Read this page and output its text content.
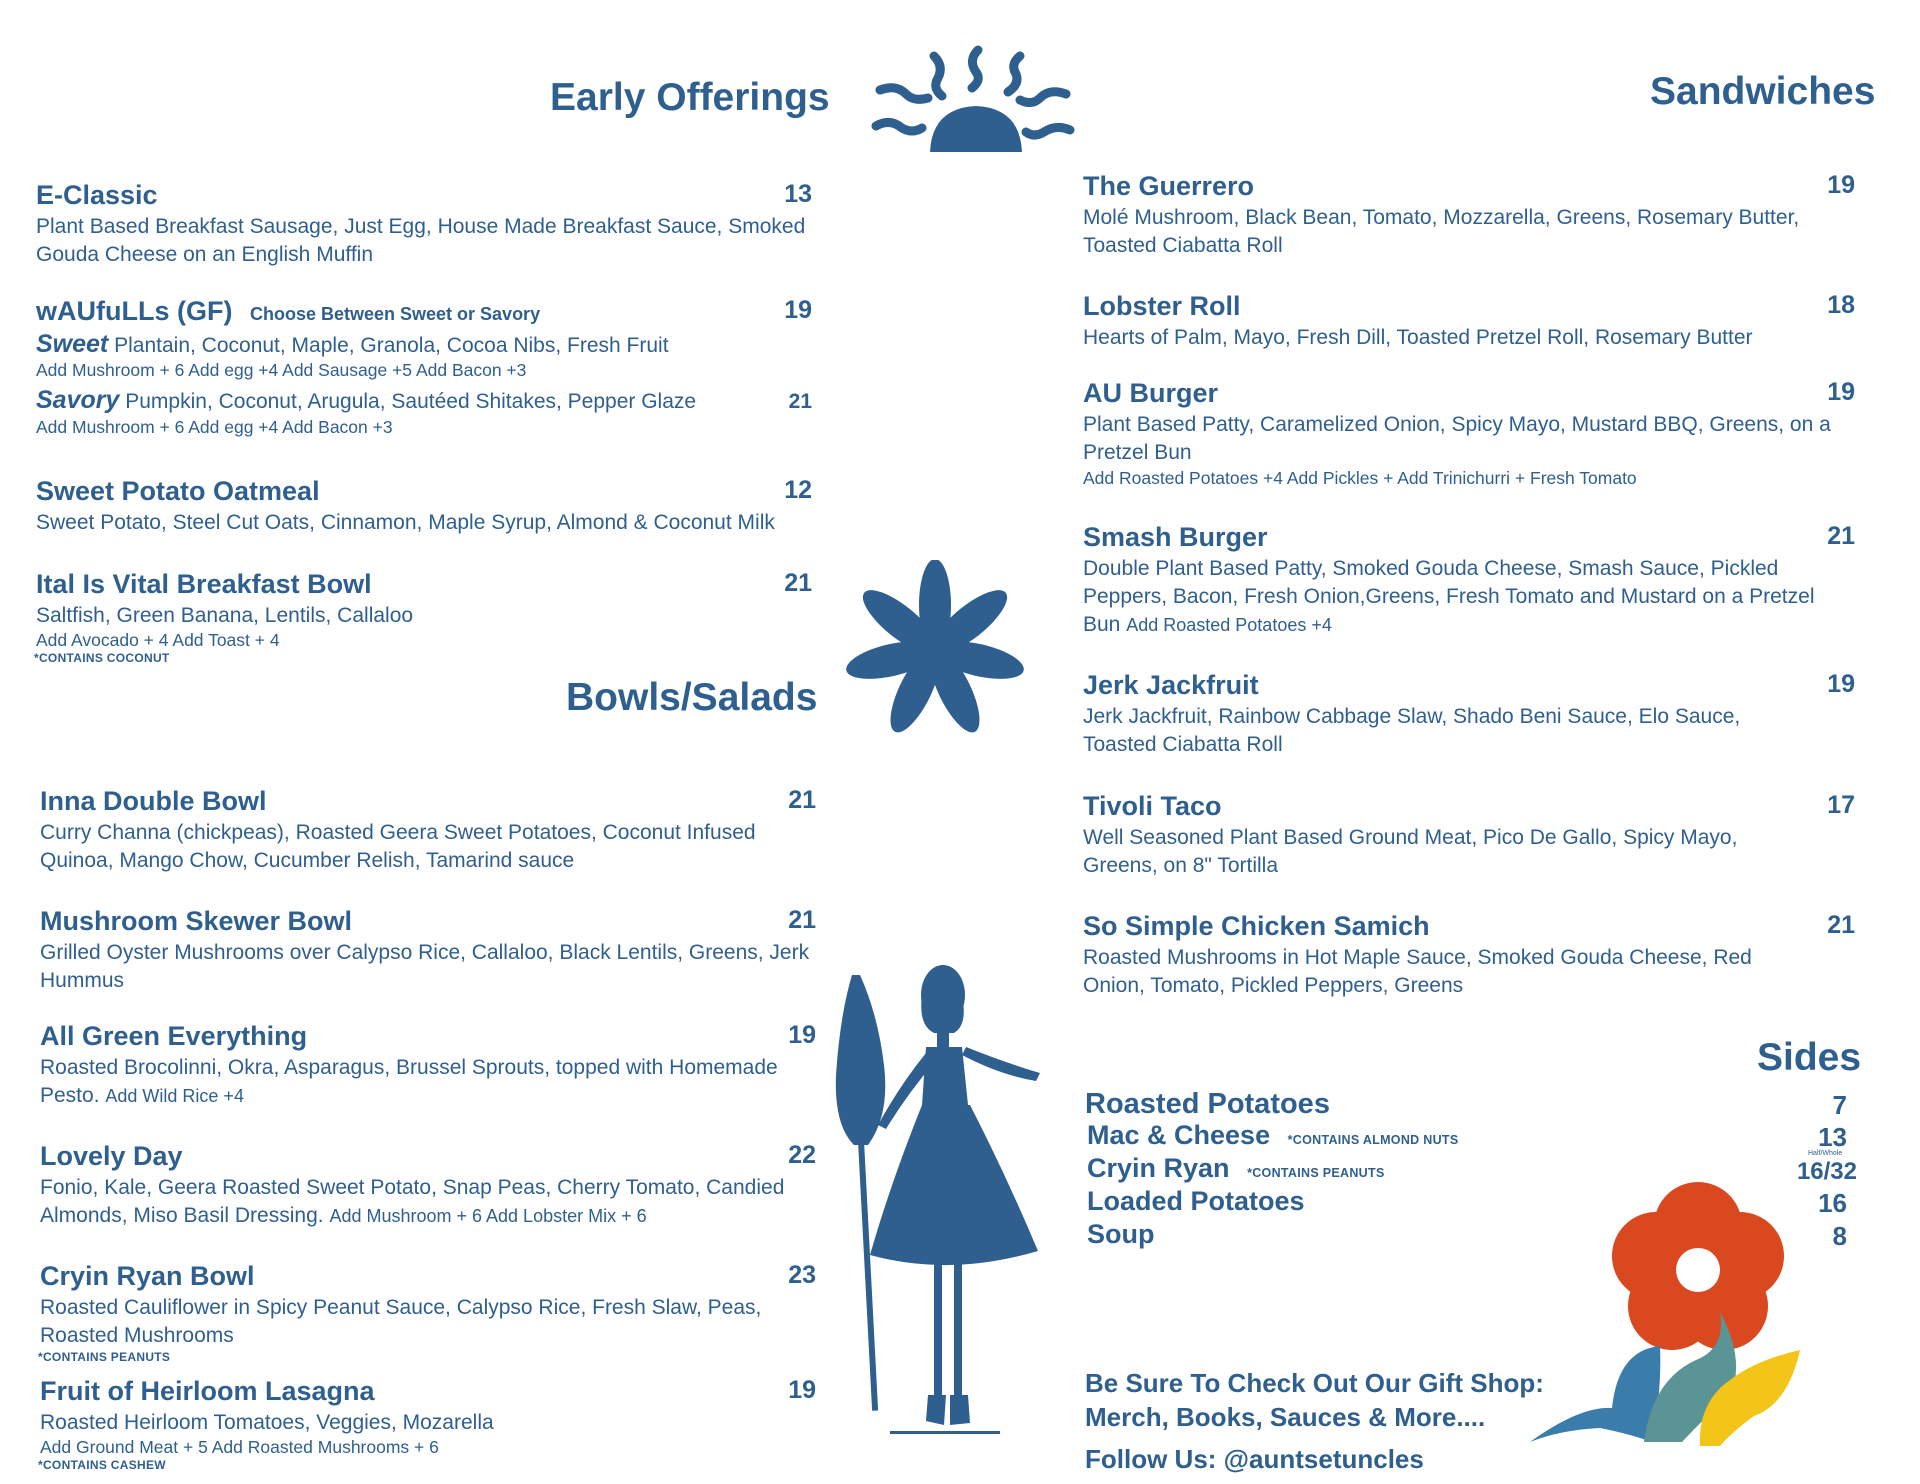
Early Offerings
E-Classic	13
Plant Based Breakfast Sausage, Just Egg, House Made Breakfast Sauce, Smoked Gouda Cheese on an English Muffin
wAUfuLLs (GF) Choose Between Sweet or Savory	19
Sweet Plantain, Coconut, Maple, Granola, Cocoa Nibs, Fresh Fruit
Add Mushroom + 6 Add egg +4 Add Sausage +5 Add Bacon +3
Savory Pumpkin, Coconut, Arugula, Sautéed Shitakes, Pepper Glaze	21
Add Mushroom + 6 Add egg +4 Add Bacon +3
Sweet Potato Oatmeal	12
Sweet Potato, Steel Cut Oats, Cinnamon, Maple Syrup, Almond & Coconut Milk
Ital Is Vital Breakfast Bowl	21
Saltfish, Green Banana, Lentils, Callaloo
Add Avocado + 4 Add Toast + 4
*CONTAINS COCONUT
Bowls/Salads
Inna Double Bowl	21
Curry Channa (chickpeas), Roasted Geera Sweet Potatoes, Coconut Infused Quinoa, Mango Chow, Cucumber Relish, Tamarind sauce
Mushroom Skewer Bowl	21
Grilled Oyster Mushrooms over Calypso Rice, Callaloo, Black Lentils, Greens, Jerk Hummus
All Green Everything	19
Roasted Brocolinni, Okra, Asparagus, Brussel Sprouts, topped with Homemade Pesto. Add Wild Rice +4
Lovely Day	22
Fonio, Kale, Geera Roasted Sweet Potato, Snap Peas, Cherry Tomato, Candied Almonds, Miso Basil Dressing. Add Mushroom + 6 Add Lobster Mix + 6
Cryin Ryan Bowl	23
Roasted Cauliflower in Spicy Peanut Sauce, Calypso Rice, Fresh Slaw, Peas, Roasted Mushrooms
*CONTAINS PEANUTS
Fruit of Heirloom Lasagna	19
Roasted Heirloom Tomatoes, Veggies, Mozarella
Add Ground Meat + 5 Add Roasted Mushrooms + 6
*CONTAINS CASHEW
Sandwiches
The Guerrero	19
Molé Mushroom, Black Bean, Tomato, Mozzarella, Greens, Rosemary Butter, Toasted Ciabatta Roll
Lobster Roll	18
Hearts of Palm, Mayo, Fresh Dill, Toasted Pretzel Roll, Rosemary Butter
AU Burger	19
Plant Based Patty, Caramelized Onion, Spicy Mayo, Mustard BBQ, Greens, on a Pretzel Bun
Add Roasted Potatoes +4 Add Pickles + Add Trinichurri + Fresh Tomato
Smash Burger	21
Double Plant Based Patty, Smoked Gouda Cheese, Smash Sauce, Pickled Peppers, Bacon, Fresh Onion,Greens, Fresh Tomato and Mustard on a Pretzel Bun Add Roasted Potatoes +4
Jerk Jackfruit	19
Jerk Jackfruit, Rainbow Cabbage Slaw, Shado Beni Sauce, Elo Sauce, Toasted Ciabatta Roll
Tivoli Taco	17
Well Seasoned Plant Based Ground Meat, Pico De Gallo, Spicy Mayo, Greens, on 8" Tortilla
So Simple Chicken Samich	21
Roasted Mushrooms in Hot Maple Sauce, Smoked Gouda Cheese, Red Onion, Tomato, Pickled Peppers, Greens
Sides
Roasted Potatoes	7
Mac & Cheese *CONTAINS ALMOND NUTS	13
Half/Whole
Cryin Ryan *CONTAINS PEANUTS	16/32
Loaded Potatoes	16
Soup	8
Be Sure To Check Out Our Gift Shop:
Merch, Books, Sauces & More....
Follow Us: @auntsetuncles
